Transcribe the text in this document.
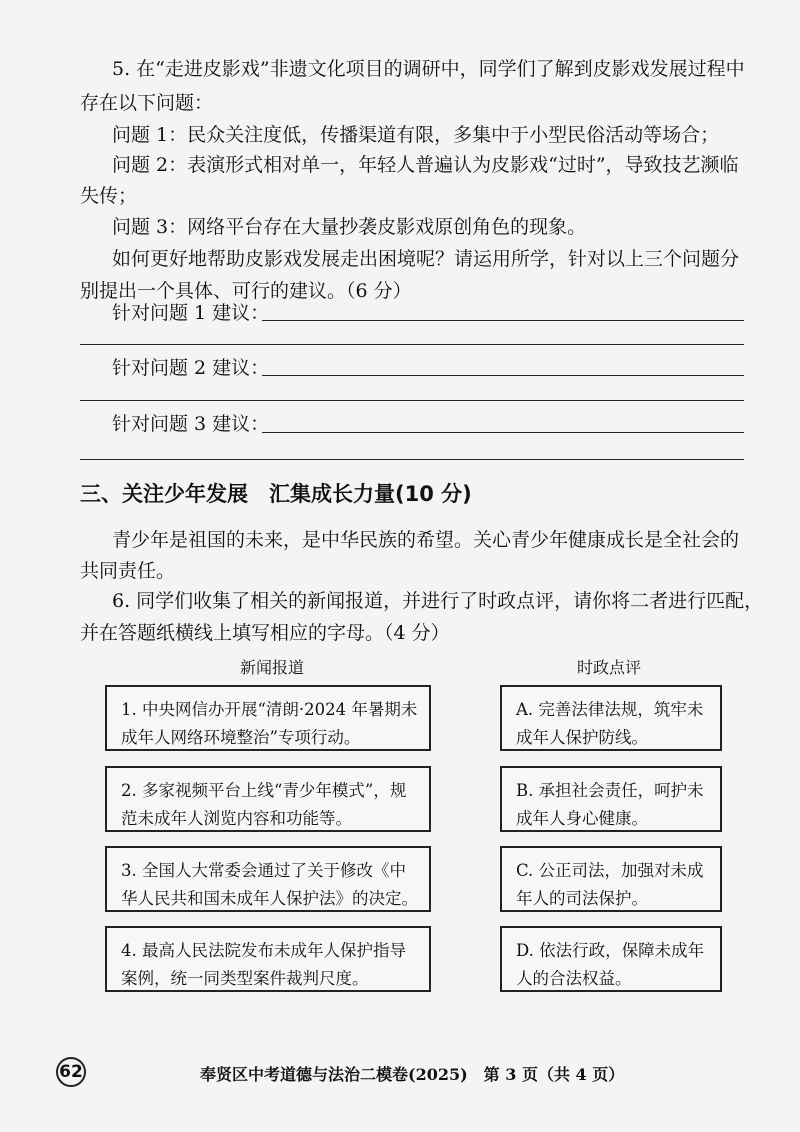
5. 在“走进皮影戏”非遗文化项目的调研中，同学们了解到皮影戏发展过程中
存在以下问题：
问题 1：民众关注度低，传播渠道有限，多集中于小型民俗活动等场合；
问题 2：表演形式相对单一，年轻人普遍认为皮影戏“过时”，导致技艺濒临
失传；
问题 3：网络平台存在大量抄袭皮影戏原创角色的现象。
如何更好地帮助皮影戏发展走出困境呢？请运用所学，针对以上三个问题分
别提出一个具体、可行的建议。（6 分）
针对问题 1 建议：
针对问题 2 建议：
针对问题 3 建议：
三、关注少年发展　汇集成长力量(10 分)
青少年是祖国的未来，是中华民族的希望。关心青少年健康成长是全社会的
共同责任。
6. 同学们收集了相关的新闻报道，并进行了时政点评，请你将二者进行匹配，
并在答题纸横线上填写相应的字母。（4 分）
新闻报道	时政点评
1. 中央网信办开展“清朗·2024 年暑期未成年人网络环境整治”专项行动。
2. 多家视频平台上线“青少年模式”，规范未成年人浏览内容和功能等。
3. 全国人大常委会通过了关于修改《中华人民共和国未成年人保护法》的决定。
4. 最高人民法院发布未成年人保护指导案例，统一同类型案件裁判尺度。
A. 完善法律法规，筑牢未成年人保护防线。
B. 承担社会责任，呵护未成年人身心健康。
C. 公正司法，加强对未成年人的司法保护。
D. 依法行政，保障未成年人的合法权益。
62	奉贤区中考道德与法治二模卷(2025)　第 3 页（共 4 页）
